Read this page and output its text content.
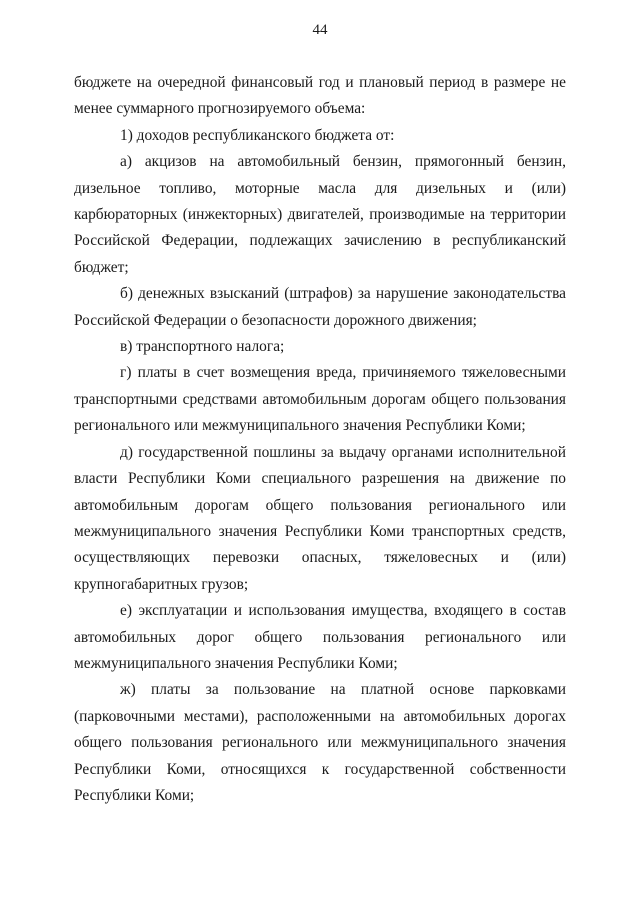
44

бюджете на очередной финансовый год и плановый период в размере не менее суммарного прогнозируемого объема:

1) доходов республиканского бюджета от:

а) акцизов на автомобильный бензин, прямогонный бензин, дизельное топливо, моторные масла для дизельных и (или) карбюраторных (инжекторных) двигателей, производимые на территории Российской Федерации, подлежащих зачислению в республиканский бюджет;

б) денежных взысканий (штрафов) за нарушение законодательства Российской Федерации о безопасности дорожного движения;

в) транспортного налога;

г) платы в счет возмещения вреда, причиняемого тяжеловесными транспортными средствами автомобильным дорогам общего пользования регионального или межмуниципального значения Республики Коми;

д) государственной пошлины за выдачу органами исполнительной власти Республики Коми специального разрешения на движение по автомобильным дорогам общего пользования регионального или межмуниципального значения Республики Коми транспортных средств, осуществляющих перевозки опасных, тяжеловесных и (или) крупногабаритных грузов;

е) эксплуатации и использования имущества, входящего в состав автомобильных дорог общего пользования регионального или межмуниципального значения Республики Коми;

ж) платы за пользование на платной основе парковками (парковочными местами), расположенными на автомобильных дорогах общего пользования регионального или межмуниципального значения Республики Коми, относящихся к государственной собственности Республики Коми;
